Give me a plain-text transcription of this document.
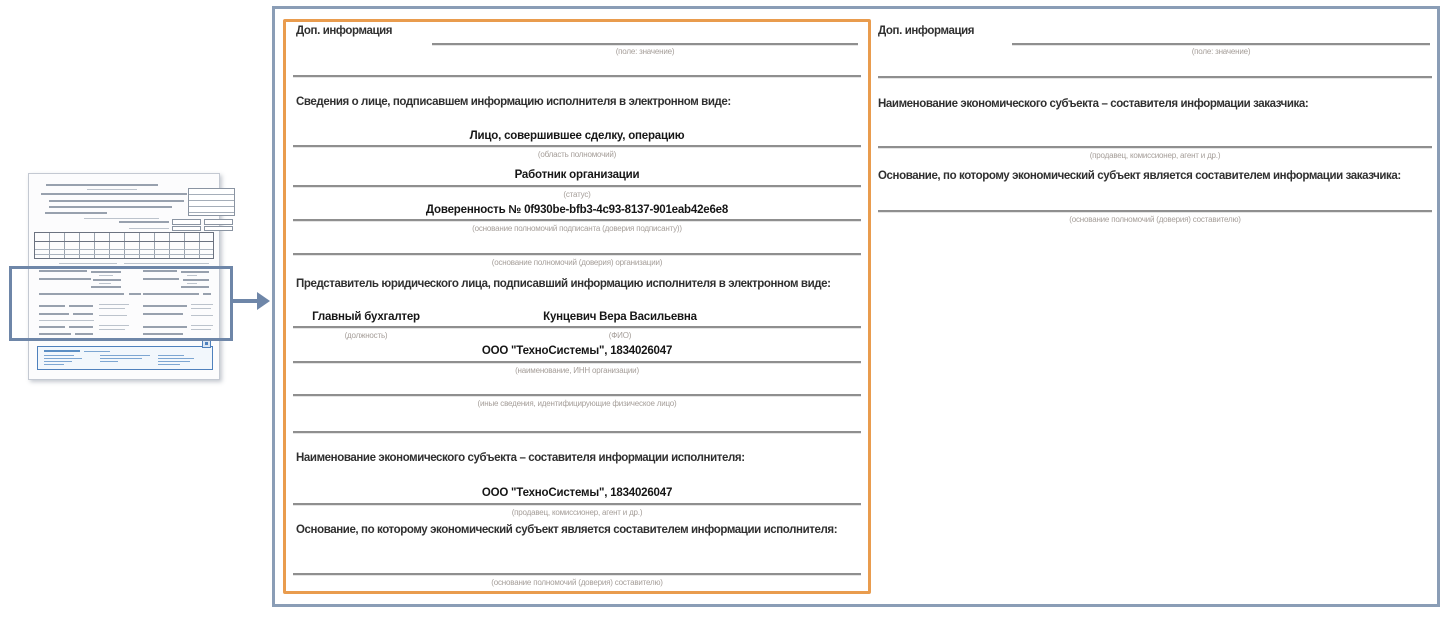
Доп. информация
(поле: значение)
Сведения о лице, подписавшем информацию исполнителя в электронном виде:
Лицо, совершившее сделку, операцию
(область полномочий)
Работник организации
(статус)
Доверенность № 0f930be-bfb3-4c93-8137-901eab42e6e8
(основание полномочий подписанта (доверия подписанту))
(основание полномочий (доверия) организации)
Представитель юридического лица, подписавший информацию исполнителя в электронном виде:
Главный бухгалтер	Кунцевич Вера Васильевна
(должность)	(ФИО)
ООО "ТехноСистемы", 1834026047
(наименование, ИНН организации)
(иные сведения, идентифицирующие физическое лицо)
Наименование экономического субъекта – составителя информации исполнителя:
ООО "ТехноСистемы", 1834026047
(продавец, комиссионер, агент и др.)
Основание, по которому экономический субъект является составителем информации исполнителя:
(основание полномочий (доверия) составителю)
Доп. информация
(поле: значение)
Наименование экономического субъекта – составителя информации заказчика:
(продавец, комиссионер, агент и др.)
Основание, по которому экономический субъект является составителем информации заказчика:
(основание полномочий (доверия) составителю)
